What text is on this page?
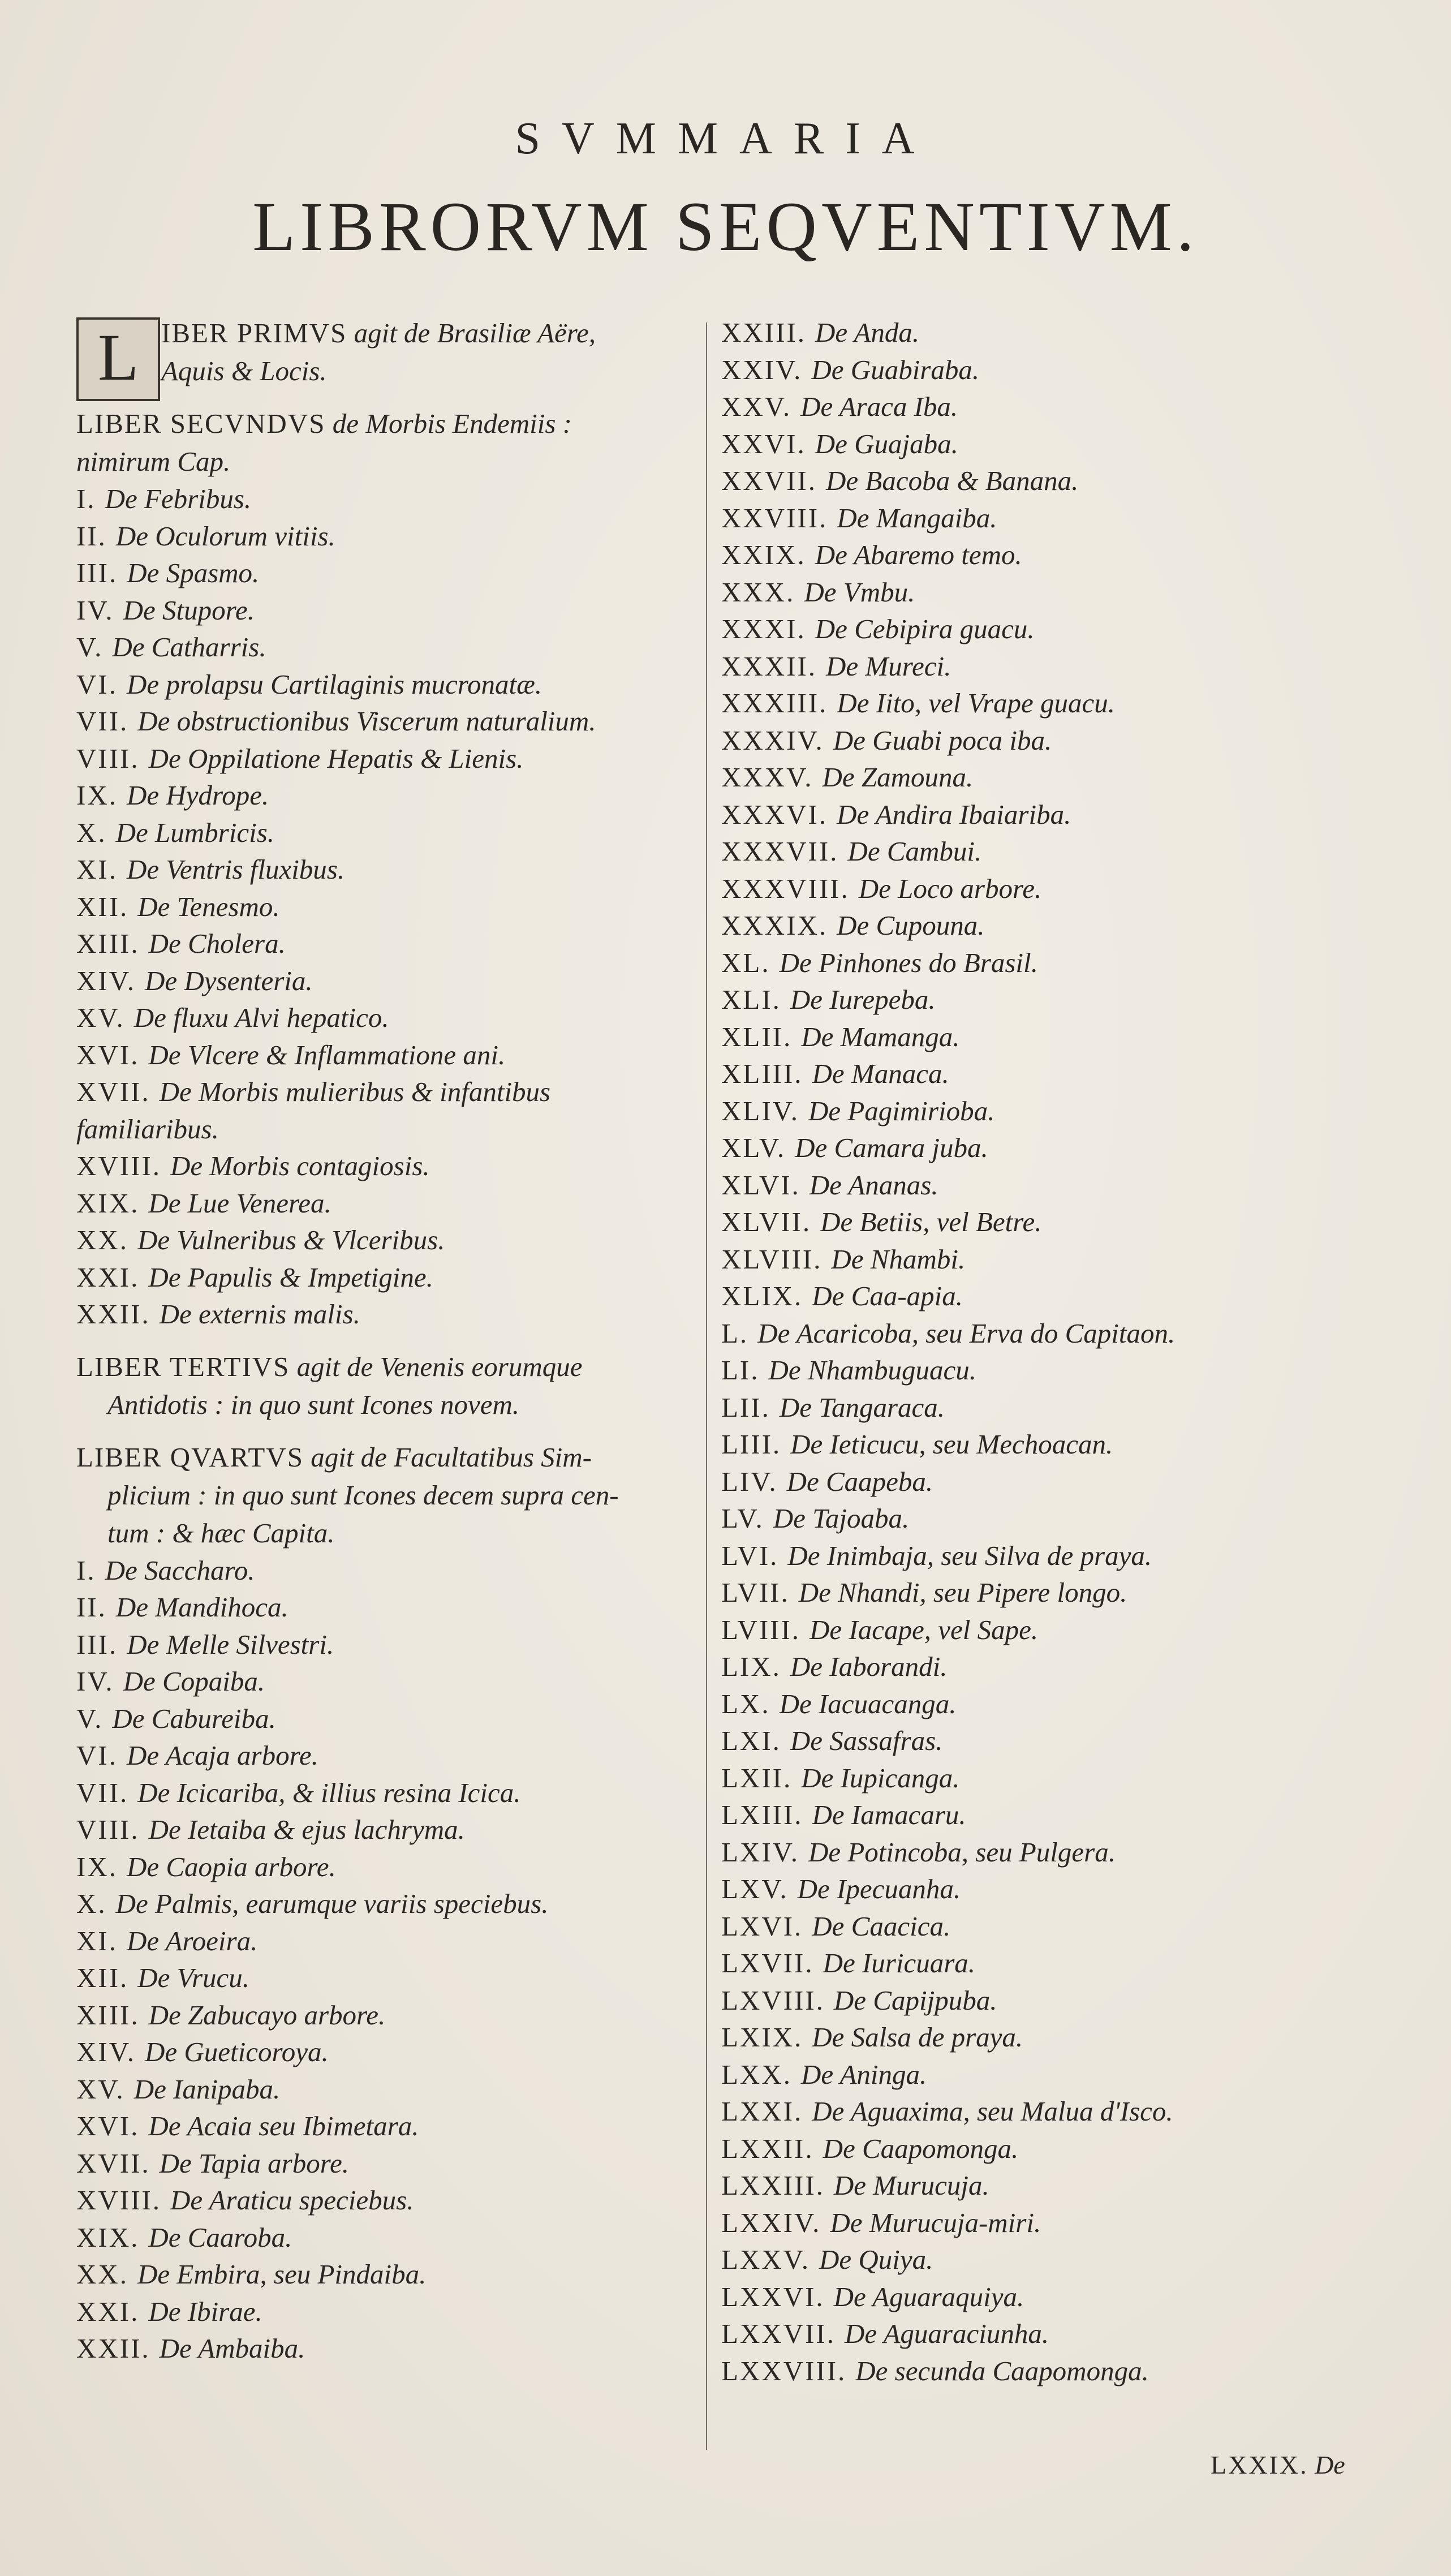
SVMMARIA
LIBRORVM SEQVENTIVM.
L IBER PRIMVS agit de Brasiliæ Aëre,
Aquis & Locis.
LIBER SECVNDVS de Morbis Endemiis :
nimirum Cap.
I. De Febribus.
II. De Oculorum vitiis.
III. De Spasmo.
IV. De Stupore.
V. De Catharris.
VI. De prolapsu Cartilaginis mucronatæ.
VII. De obstructionibus Viscerum naturalium.
VIII. De Oppilatione Hepatis & Lienis.
IX. De Hydrope.
X. De Lumbricis.
XI. De Ventris fluxibus.
XII. De Tenesmo.
XIII. De Cholera.
XIV. De Dysenteria.
XV. De fluxu Alvi hepatico.
XVI. De Vlcere & Inflammatione ani.
XVII. De Morbis mulieribus & infantibus familiaribus.
XVIII. De Morbis contagiosis.
XIX. De Lue Venerea.
XX. De Vulneribus & Vlceribus.
XXI. De Papulis & Impetigine.
XXII. De externis malis.
LIBER TERTIVS agit de Venenis eorumque
Antidotis : in quo sunt Icones novem.
LIBER QVARTVS agit de Facultatibus Sim-
plicium : in quo sunt Icones decem supra cen-
tum : & hæc Capita.
I. De Saccharo.
II. De Mandihoca.
III. De Melle Silvestri.
IV. De Copaiba.
V. De Cabureiba.
VI. De Acaja arbore.
VII. De Icicariba, & illius resina Icica.
VIII. De Ietaiba & ejus lachryma.
IX. De Caopia arbore.
X. De Palmis, earumque variis speciebus.
XI. De Aroeira.
XII. De Vrucu.
XIII. De Zabucayo arbore.
XIV. De Gueticoroya.
XV. De Ianipaba.
XVI. De Acaia seu Ibimetara.
XVII. De Tapia arbore.
XVIII. De Araticu speciebus.
XIX. De Caaroba.
XX. De Embira, seu Pindaiba.
XXI. De Ibirae.
XXII. De Ambaiba.
XXIII. De Anda.
XXIV. De Guabiraba.
XXV. De Araca Iba.
XXVI. De Guajaba.
XXVII. De Bacoba & Banana.
XXVIII. De Mangaiba.
XXIX. De Abaremo temo.
XXX. De Vmbu.
XXXI. De Cebipira guacu.
XXXII. De Mureci.
XXXIII. De Iito, vel Vrape guacu.
XXXIV. De Guabi poca iba.
XXXV. De Zamouna.
XXXVI. De Andira Ibaiariba.
XXXVII. De Cambui.
XXXVIII. De Loco arbore.
XXXIX. De Cupouna.
XL. De Pinhones do Brasil.
XLI. De Iurepeba.
XLII. De Mamanga.
XLIII. De Manaca.
XLIV. De Pagimirioba.
XLV. De Camara juba.
XLVI. De Ananas.
XLVII. De Betiis, vel Betre.
XLVIII. De Nhambi.
XLIX. De Caa-apia.
L. De Acaricoba, seu Erva do Capitaon.
LI. De Nhambuguacu.
LII. De Tangaraca.
LIII. De Ieticucu, seu Mechoacan.
LIV. De Caapeba.
LV. De Tajoaba.
LVI. De Inimbaja, seu Silva de praya.
LVII. De Nhandi, seu Pipere longo.
LVIII. De Iacape, vel Sape.
LIX. De Iaborandi.
LX. De Iacuacanga.
LXI. De Sassafras.
LXII. De Iupicanga.
LXIII. De Iamacaru.
LXIV. De Potincoba, seu Pulgera.
LXV. De Ipecuanha.
LXVI. De Caacica.
LXVII. De Iuricuara.
LXVIII. De Capijpuba.
LXIX. De Salsa de praya.
LXX. De Aninga.
LXXI. De Aguaxima, seu Malua d'Isco.
LXXII. De Caapomonga.
LXXIII. De Murucuja.
LXXIV. De Murucuja-miri.
LXXV. De Quiya.
LXXVI. De Aguaraquiya.
LXXVII. De Aguaraciunha.
LXXVIII. De secunda Caapomonga.
LXXIX. De
